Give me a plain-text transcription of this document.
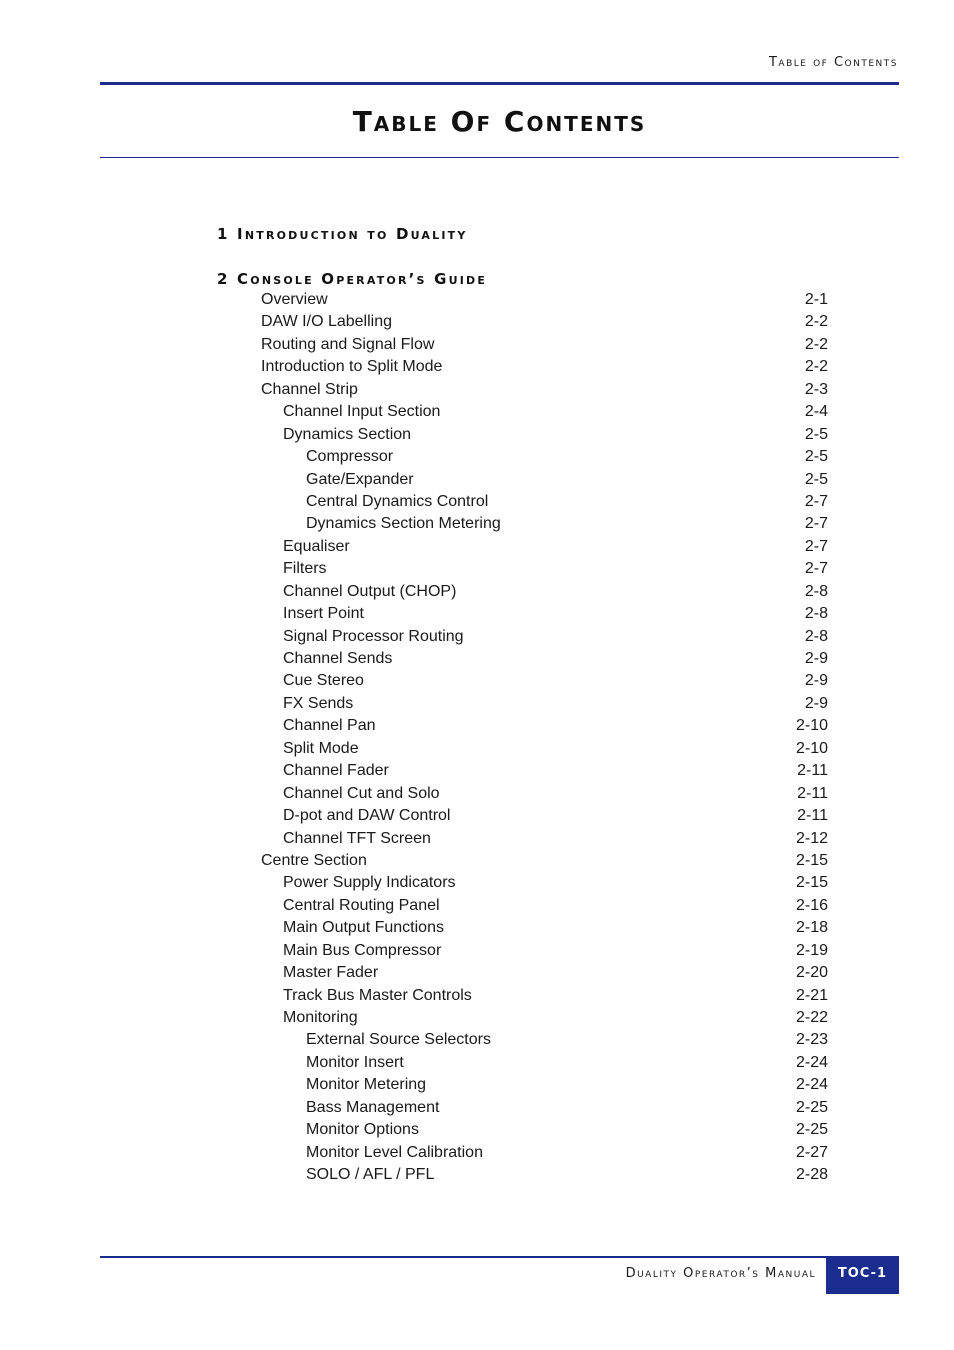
Table of Contents
Table Of Contents
1 Introduction to Duality
2 Console Operator’s Guide
Overview	2-1
DAW I/O Labelling	2-2
Routing and Signal Flow	2-2
Introduction to Split Mode	2-2
Channel Strip	2-3
Channel Input Section	2-4
Dynamics Section	2-5
Compressor	2-5
Gate/Expander	2-5
Central Dynamics Control	2-7
Dynamics Section Metering	2-7
Equaliser	2-7
Filters	2-7
Channel Output (CHOP)	2-8
Insert Point	2-8
Signal Processor Routing	2-8
Channel Sends	2-9
Cue Stereo	2-9
FX Sends	2-9
Channel Pan	2-10
Split Mode	2-10
Channel Fader	2-11
Channel Cut and Solo	2-11
D-pot and DAW Control	2-11
Channel TFT Screen	2-12
Centre Section	2-15
Power Supply Indicators	2-15
Central Routing Panel	2-16
Main Output Functions	2-18
Main Bus Compressor	2-19
Master Fader	2-20
Track Bus Master Controls	2-21
Monitoring	2-22
External Source Selectors	2-23
Monitor Insert	2-24
Monitor Metering	2-24
Bass Management	2-25
Monitor Options	2-25
Monitor Level Calibration	2-27
SOLO / AFL / PFL	2-28
Duality Operator’s Manual	TOC-1
